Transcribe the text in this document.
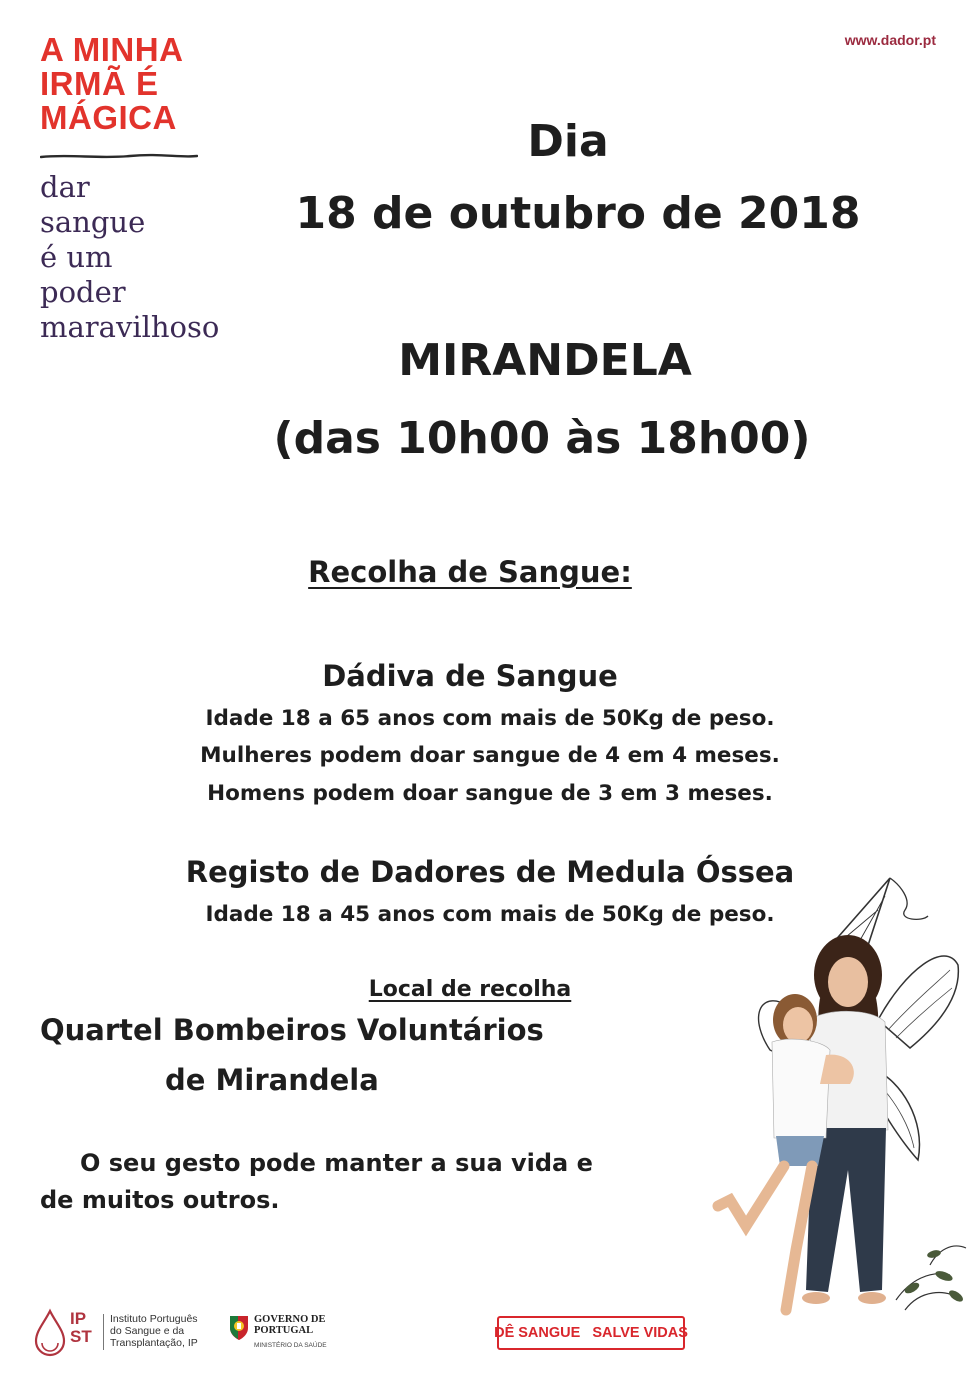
A MINHA
IRMÃ É
MÁGICA
dar
sangue
é um
poder
maravilhoso
www.dador.pt
Dia
18 de outubro de 2018
MIRANDELA
(das 10h00 às 18h00)
Recolha de Sangue:
Dádiva de Sangue
Idade 18 a 65 anos com mais de 50Kg de peso.
Mulheres podem doar sangue de 4 em 4 meses.
Homens podem doar sangue de 3 em 3 meses.
Registo de Dadores de Medula Óssea
Idade 18 a 45 anos com mais de 50Kg de peso.
Local de recolha
Quartel Bombeiros Voluntários
de Mirandela
O seu gesto pode manter a sua vida e
de muitos outros.
IP
ST
Instituto Português
do Sangue e da
Transplantação, IP
GOVERNO DE
PORTUGAL
MINISTÉRIO DA SAÚDE
DÊ SANGUE SALVE VIDAS
